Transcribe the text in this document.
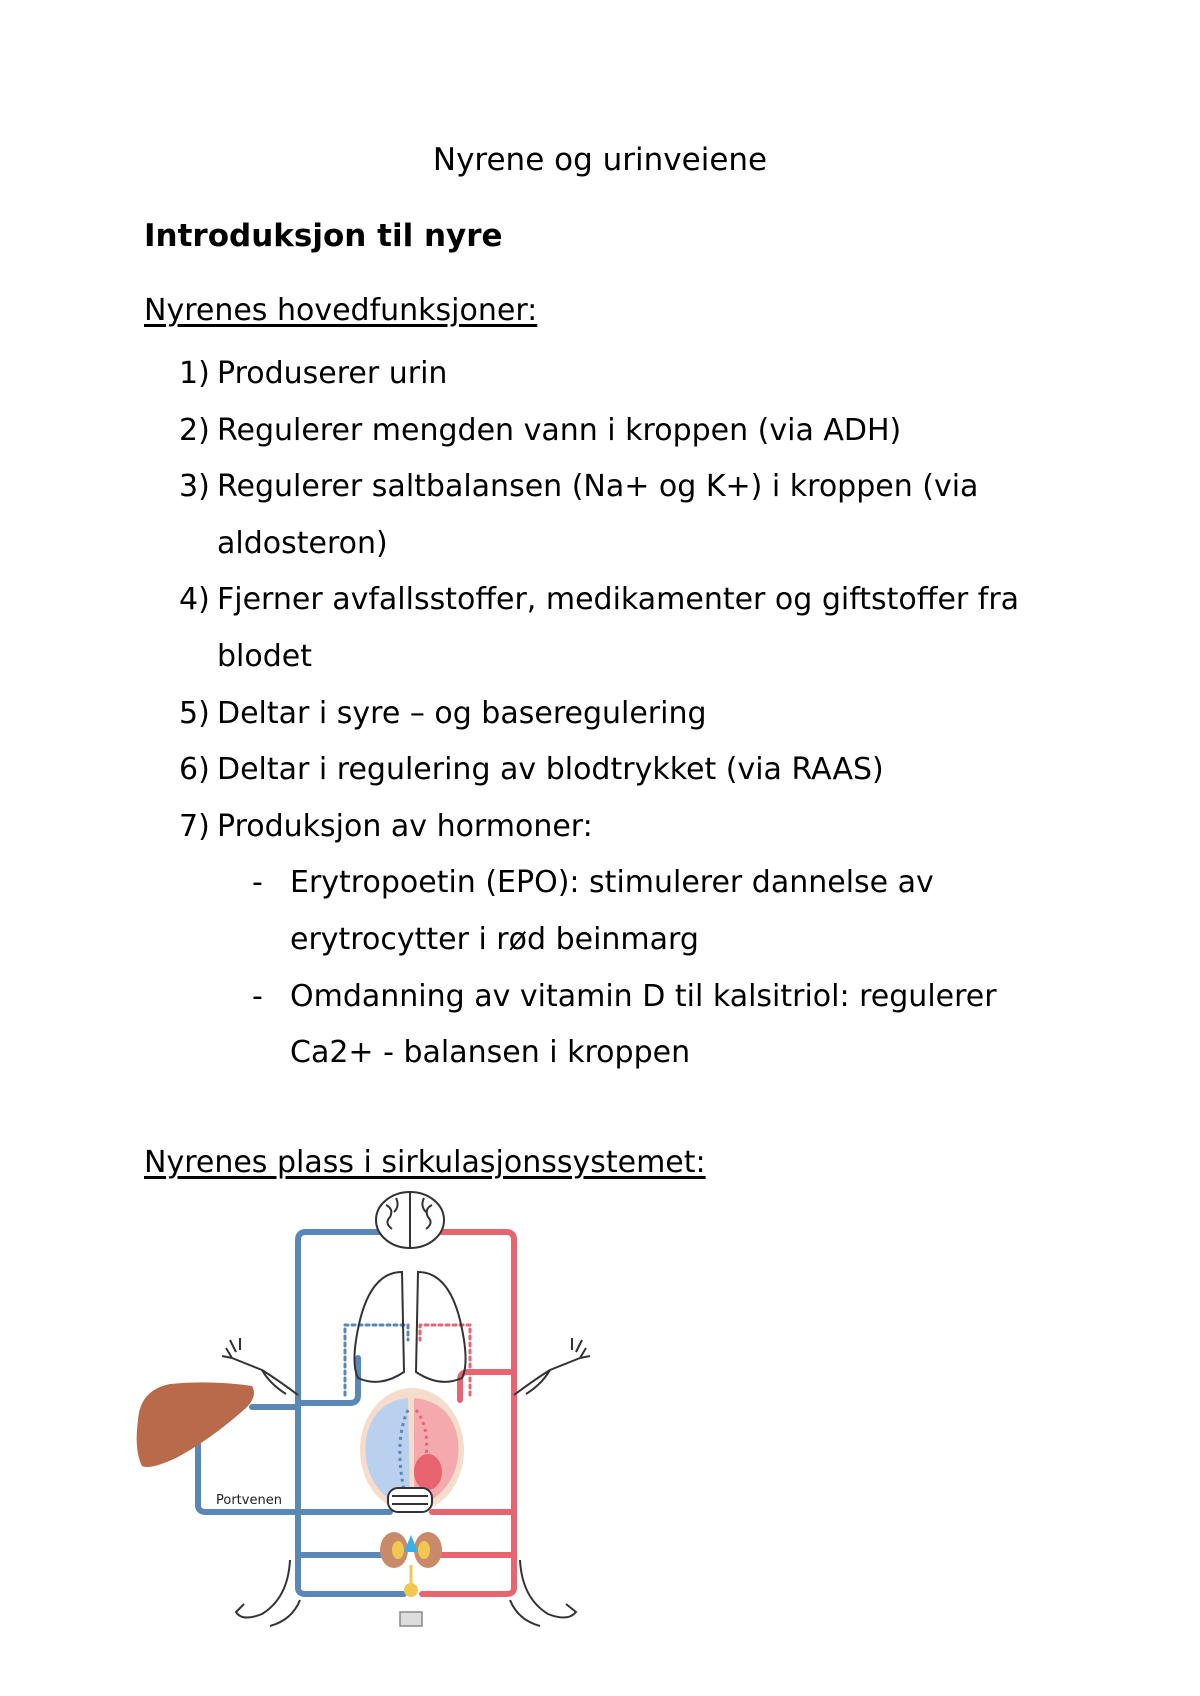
Nyrene og urinveiene
Introduksjon til nyre
Nyrenes hovedfunksjoner:
1) Produserer urin
2) Regulerer mengden vann i kroppen (via ADH)
3) Regulerer saltbalansen (Na+ og K+) i kroppen (via aldosteron)
4) Fjerner avfallsstoffer, medikamenter og giftstoffer fra blodet
5) Deltar i syre – og baseregulering
6) Deltar i regulering av blodtrykket (via RAAS)
7) Produksjon av hormoner:
- Erytropoetin (EPO): stimulerer dannelse av erytrocytter i rød beinmarg
- Omdanning av vitamin D til kalsitriol: regulerer Ca2+ - balansen i kroppen
Nyrenes plass i sirkulasjonssystemet:
Portvenen
